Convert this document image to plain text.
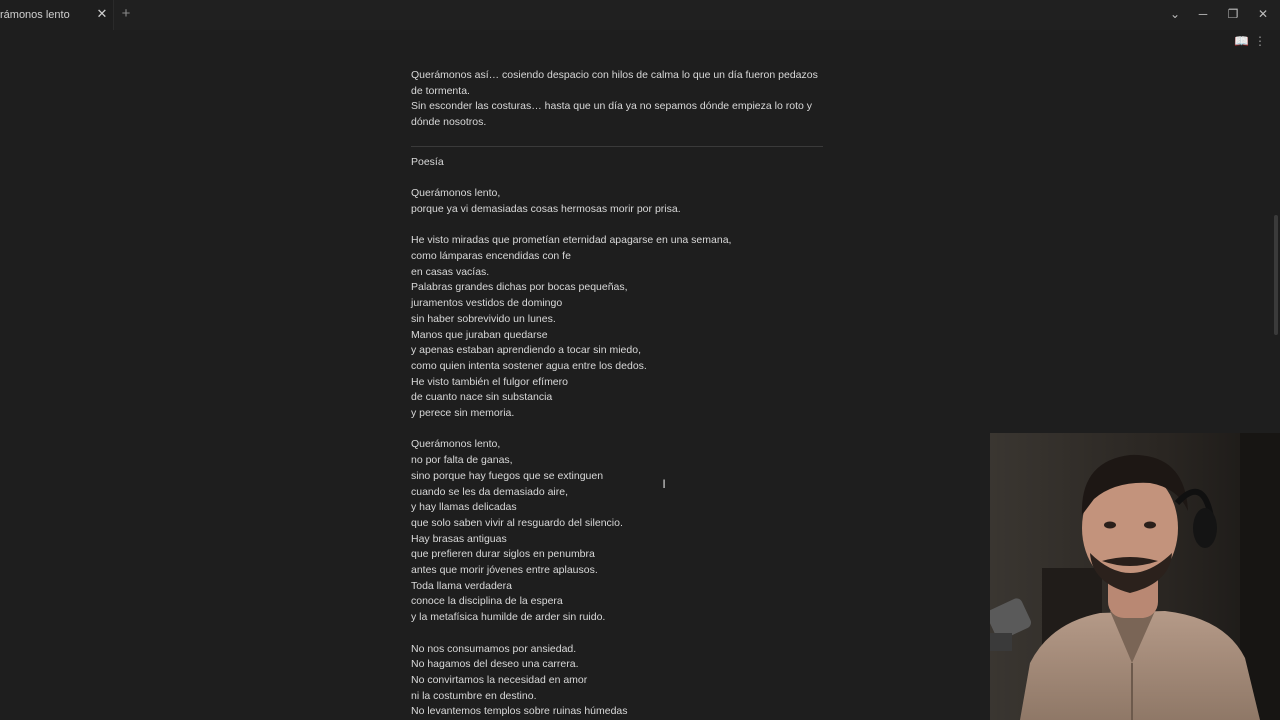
rámonos lento ✕ +	⌄ ─ ❐ ✕
📖 ⋮

Querámonos así… cosiendo despacio con hilos de calma lo que un día fueron pedazos de tormenta.

Sin esconder las costuras… hasta que un día ya no sepamos dónde empieza lo roto y dónde nosotros.

Poesía

Querámonos lento,

porque ya vi demasiadas cosas hermosas morir por prisa.

He visto miradas que prometían eternidad apagarse en una semana,

como lámparas encendidas con fe

en casas vacías.

Palabras grandes dichas por bocas pequeñas,

juramentos vestidos de domingo

sin haber sobrevivido un lunes.

Manos que juraban quedarse

y apenas estaban aprendiendo a tocar sin miedo,

como quien intenta sostener agua entre los dedos.

He visto también el fulgor efímero

de cuanto nace sin substancia

y perece sin memoria.

Querámonos lento,

no por falta de ganas,

sino porque hay fuegos que se extinguen

cuando se les da demasiado aire,

y hay llamas delicadas

que solo saben vivir al resguardo del silencio.

Hay brasas antiguas

que prefieren durar siglos en penumbra

antes que morir jóvenes entre aplausos.

Toda llama verdadera

conoce la disciplina de la espera

y la metafísica humilde de arder sin ruido.

No nos consumamos por ansiedad.

No hagamos del deseo una carrera.

No convirtamos la necesidad en amor

ni la costumbre en destino.

No levantemos templos sobre ruinas húmedas

I
